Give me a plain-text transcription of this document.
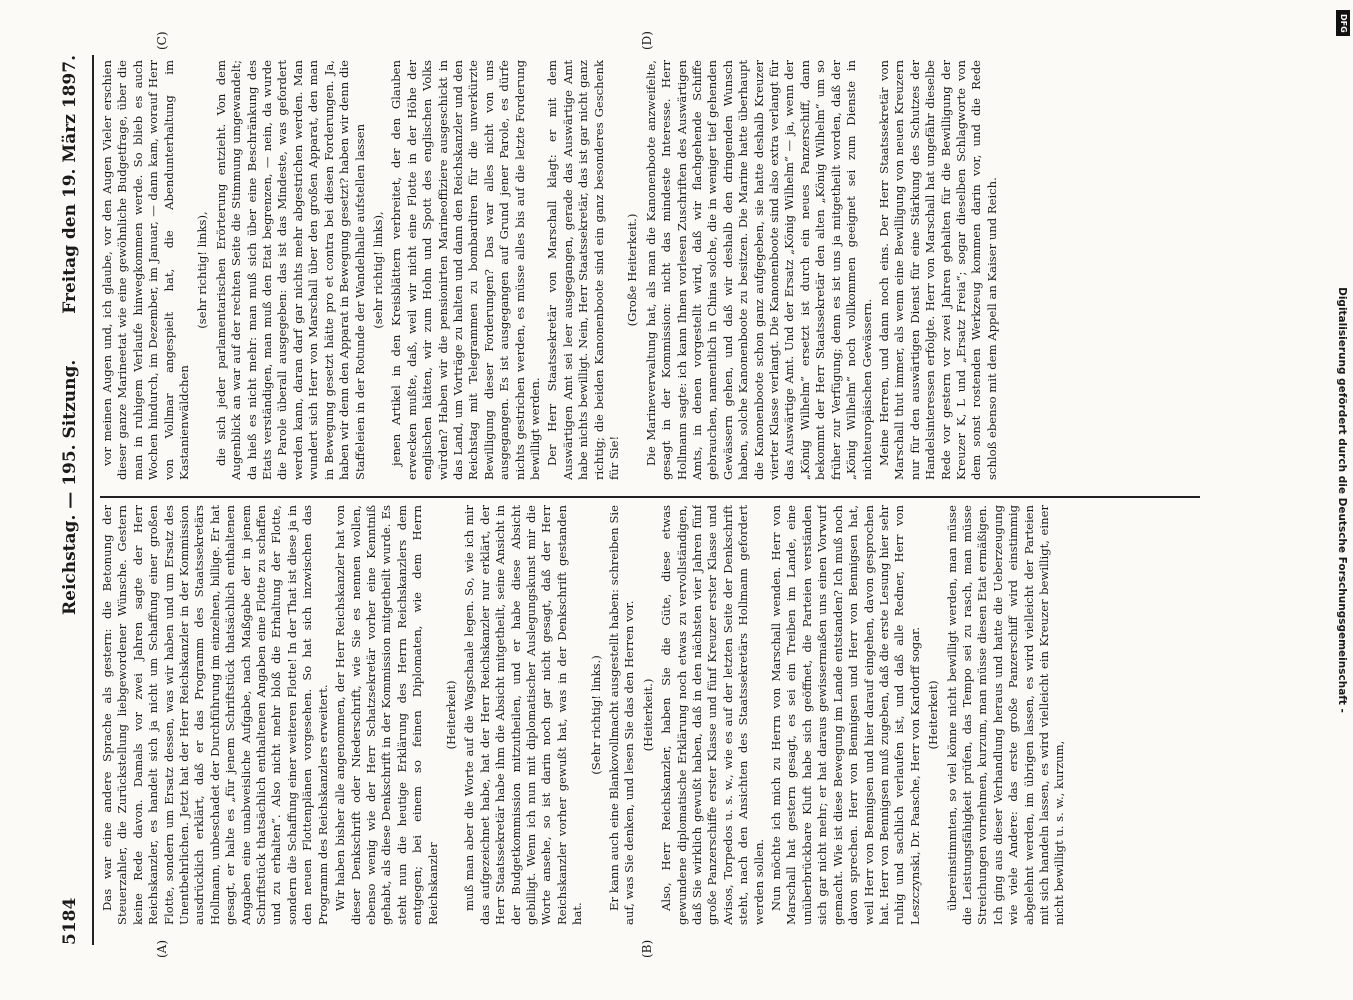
5184
Reichstag. — 195. Sitzung.
Freitag den 19. März 1897.
(A)	(B)
(C)	(D)

Das war eine andere Sprache als gestern: die Betonung der Steuerzahler, die Zurückstellung liebgewordener Wünsche. Gestern keine Rede davon. Damals vor zwei Jahren sagte der Herr Reichskanzler, es handelt sich ja nicht um Schaffung einer großen Flotte, sondern um Ersatz dessen, was wir haben und um Ersatz des Unentbehrlichen. Jetzt hat der Herr Reichskanzler in der Kommission ausdrücklich erklärt, daß er das Programm des Staatssekretärs Hollmann, unbeschadet der Durchführung im einzelnen, billige. Er hat gesagt, er halte es „für jenem Schriftstück thatsächlich enthaltenen Angaben eine unabweisliche Aufgabe, nach Maßgabe der in jenem Schriftstück thatsächlich enthaltenen Angaben eine Flotte zu schaffen und zu erhalten“. Also nicht mehr bloß die Erhaltung der Flotte, sondern die Schaffung einer weiteren Flotte! In der That ist diese ja in den neuen Flottenplänen vorgesehen. So hat sich inzwischen das Programm des Reichskanzlers erweitert. Wir haben bisher alle angenommen, der Herr Reichskanzler hat von dieser Denkschrift oder Niederschrift, wie Sie es nennen wollen, ebenso wenig wie der Herr Schatzsekretär vorher eine Kenntniß gehabt, als diese Denkschrift in der Kommission mitgetheilt wurde. Es steht nun die heutige Erklärung des Herrn Reichskanzlers dem entgegen; bei einem so feinen Diplomaten, wie dem Herrn Reichskanzler

(Heiterkeit) muß man aber die Worte auf die Wagschaale legen. So, wie ich mir das aufgezeichnet habe, hat der Herr Reichskanzler nur erklärt, der Herr Staatssekretär habe ihm die Absicht mitgetheilt, seine Ansicht in der Budgetkommission mitzutheilen, und er habe diese Absicht gebilligt. Wenn ich nun mit diplomatischer Auslegungskunst mir die Worte ansehe, so ist darin noch gar nicht gesagt, daß der Herr Reichskanzler vorher gewußt hat, was in der Denkschrift gestanden hat.

(Sehr richtig! links.) Er kann auch eine Blankovollmacht ausgestellt haben: schreiben Sie auf, was Sie denken, und lesen Sie das den Herren vor. (Heiterkeit.) Also, Herr Reichskanzler, haben Sie die Güte, diese etwas gewundene diplomatische Erklärung noch etwas zu vervollständigen, daß Sie wirklich gewußt haben, daß in den nächsten vier Jahren fünf große Panzerschiffe erster Klasse und fünf Kreuzer erster Klasse und Avisos, Torpedos u. s. w., wie es auf der letzten Seite der Denkschrift steht, nach den Ansichten des Staatssekretärs Hollmann gefordert werden sollen. Nun möchte ich mich zu Herrn von Marschall wenden. Herr von Marschall hat gestern gesagt, es sei ein Treiben im Lande, eine unüberbrückbare Kluft habe sich geöffnet, die Parteien verständen sich gar nicht mehr; er hat daraus gewissermaßen uns einen Vorwurf gemacht. Wie ist diese Bewegung im Lande entstanden? Ich muß noch davon sprechen. Herr von Bennigsen und Herr von Bennigsen hat, weil Herr von Bennigsen und hier darauf eingehen, davon gesprochen hat. Herr von Bennigsen muß zugeben, daß die erste Lesung hier sehr ruhig und sachlich verlaufen ist, und daß alle Redner, Herr von Leszczynski, Dr. Paasche, Herr von Kardorff sogar. (Heiterkeit) übereinstimmten, so viel könne nicht bewilligt werden, man müsse die Leistungsfähigkeit prüfen, das Tempo sei zu rasch, man müsse Streichungen vornehmen, kurzum, man müsse diesen Etat ermäßigen. Ich ging aus dieser Verhandlung heraus und hatte die Ueberzeugung wie viele Andere: das erste große Panzerschiff wird einstimmig abgelehnt werden, im übrigen lassen, es wird vielleicht der Parteien mit sich handeln lassen, es wird vielleicht ein Kreuzer bewilligt, einer nicht bewilligt u. s. w., kurzum,

vor meinen Augen und, ich glaube, vor den Augen Vieler erschien dieser ganze Marineetat wie eine gewöhnliche Budgetfrage, über die man in ruhigem Verlaufe hinwegkommen werde. So blieb es auch Wochen hindurch, im Dezember, im Januar, — dann kam, worauf Herr von Vollmar angespielt hat, die Abendunterhaltung im Kastanienwäldchen

(sehr richtig! links), die sich jeder parlamentarischen Erörterung entzieht. Von dem Augenblick an war auf der rechten Seite die Stimmung umgewandelt; da hieß es nicht mehr: man muß sich über eine Beschränkung des Etats verständigen, man muß den Etat begrenzen, — nein, da wurde die Parole überall ausgegeben: das ist das Mindeste, was gefordert werden kann, daran darf gar nichts mehr abgestrichen werden. Man wundert sich Herr von Marschall über den großen Apparat, den man in Bewegung gesetzt hätte pro et contra bei diesen Forderungen. Ja, haben wir denn den Apparat in Bewegung gesetzt? haben wir denn die Staffeleien in der Rotunde der Wandelhalle aufstellen lassen (sehr richtig! links), jenen Artikel in den Kreisblättern verbreitet, der den Glauben erwecken mußte, daß, weil wir nicht eine Flotte in der Höhe der englischen hätten, wir zum Hohn und Spott des englischen Volks würden? Haben wir die pensionirten Marineoffiziere ausgeschickt in das Land, um Vorträge zu halten und dann den Reichskanzler und den Reichstag mit Telegrammen zu bombardiren für die unverkürzte Bewilligung dieser Forderungen? Das war alles nicht von uns ausgegangen. Es ist ausgegangen auf Grund jener Parole, es dürfe nichts gestrichen werden, es müsse alles bis auf die letzte Forderung bewilligt werden. Der Herr Staatssekretär von Marschall klagt: er mit dem Auswärtigen Amt sei leer ausgegangen, gerade das Auswärtige Amt habe nichts bewilligt. Nein, Herr Staatssekretär, das ist gar nicht ganz richtig; die beiden Kanonenboote sind ein ganz besonderes Geschenk für Sie!

(Große Heiterkeit.) Die Marineverwaltung hat, als man die Kanonenboote anzweifelte, gesagt in der Kommission: nicht das mindeste Interesse. Herr Hollmann sagte: ich kann Ihnen vorlesen Zuschriften des Auswärtigen Amts, in denen vorgestellt wird, daß wir flachgehende Schiffe gebrauchen, namentlich in China solche, die in weniger tief gehenden Gewässern gehen, und daß wir deshalb den dringenden Wunsch haben, solche Kanonenboote zu besitzen. Die Marine hatte überhaupt die Kanonenboote schon ganz aufgegeben, sie hatte deshalb Kreuzer vierter Klasse verlangt. Die Kanonenboote sind also extra verlangt für das Auswärtige Amt. Und der Ersatz „König Wilhelm“ — ja, wenn der „König Wilhelm“ ersetzt ist durch ein neues Panzerschiff, dann bekommt der Herr Staatssekretär den alten „König Wilhelm“ um so früher zur Verfügung; denn es ist uns ja mitgetheilt worden, daß der „König Wilhelm“ noch vollkommen geeignet sei zum Dienste in nichteuropäischen Gewässern. Meine Herren, und dann noch eins. Der Herr Staatssekretär von Marschall thut immer, als wenn eine Bewilligung von neuen Kreuzern nur für den auswärtigen Dienst für eine Stärkung des Schutzes der Handelsinteressen erfolgte. Herr von Marschall hat ungefähr dieselbe Rede vor gestern vor zwei Jahren gehalten für die Bewilligung der Kreuzer K, L und „Ersatz Freia“; sogar dieselben Schlagworte von dem sonst rostenden Werkzeug kommen darin vor, und die Rede schloß ebenso mit dem Appell an Kaiser und Reich.	Digitalisierung gefördert durch die Deutsche Forschungsgemeinschaft -
DFG
